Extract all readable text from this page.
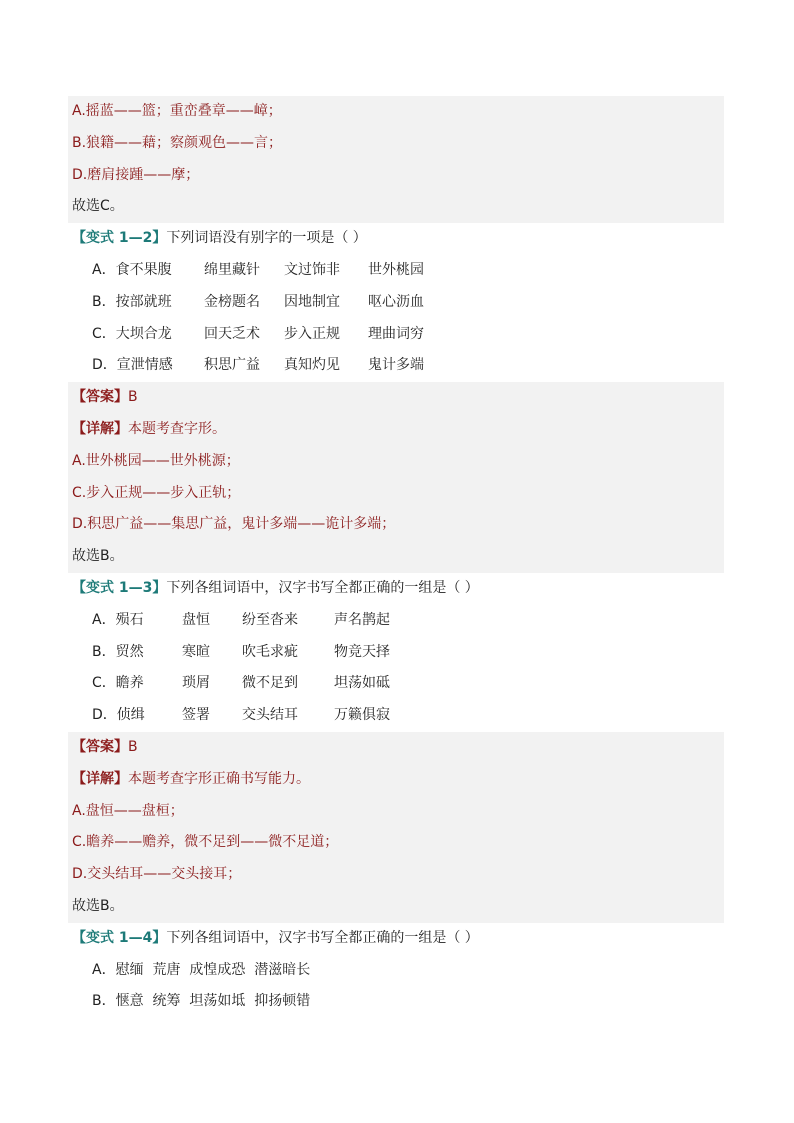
A.摇蓝——篮；重峦叠章——嶂；
B.狼籍——藉；察颜观色——言；
D.磨肩接踵——摩；
故选C。
【变式 1—2】下列词语没有别字的一项是（ ）
A．食不果腹 绵里藏针 文过饰非 世外桃园
B．按部就班 金榜题名 因地制宜 呕心沥血
C．大坝合龙 回天乏术 步入正规 理曲词穷
D．宣泄情感 积思广益 真知灼见 鬼计多端
【答案】B
【详解】本题考查字形。
A.世外桃园——世外桃源；
C.步入正规——步入正轨；
D.积思广益——集思广益，鬼计多端——诡计多端；
故选B。
【变式 1—3】下列各组词语中，汉字书写全都正确的一组是（ ）
A．殒石	盘恒 纷至沓来	声名鹊起
B．贸然	寒暄 吹毛求疵	物竞天择
C．瞻养	琐屑 微不足到	坦荡如砥
D．侦缉	签署 交头结耳	万籁俱寂
【答案】B
【详解】本题考查字形正确书写能力。
A.盘恒——盘桓；
C.瞻养——赡养，微不足到——微不足道；
D.交头结耳——交头接耳；
故选B。
【变式 1—4】下列各组词语中，汉字书写全都正确的一组是（ ）
A．慰缅  荒唐  成惶成恐  潜滋暗长
B．惬意  统筹  坦荡如坻  抑扬顿错
